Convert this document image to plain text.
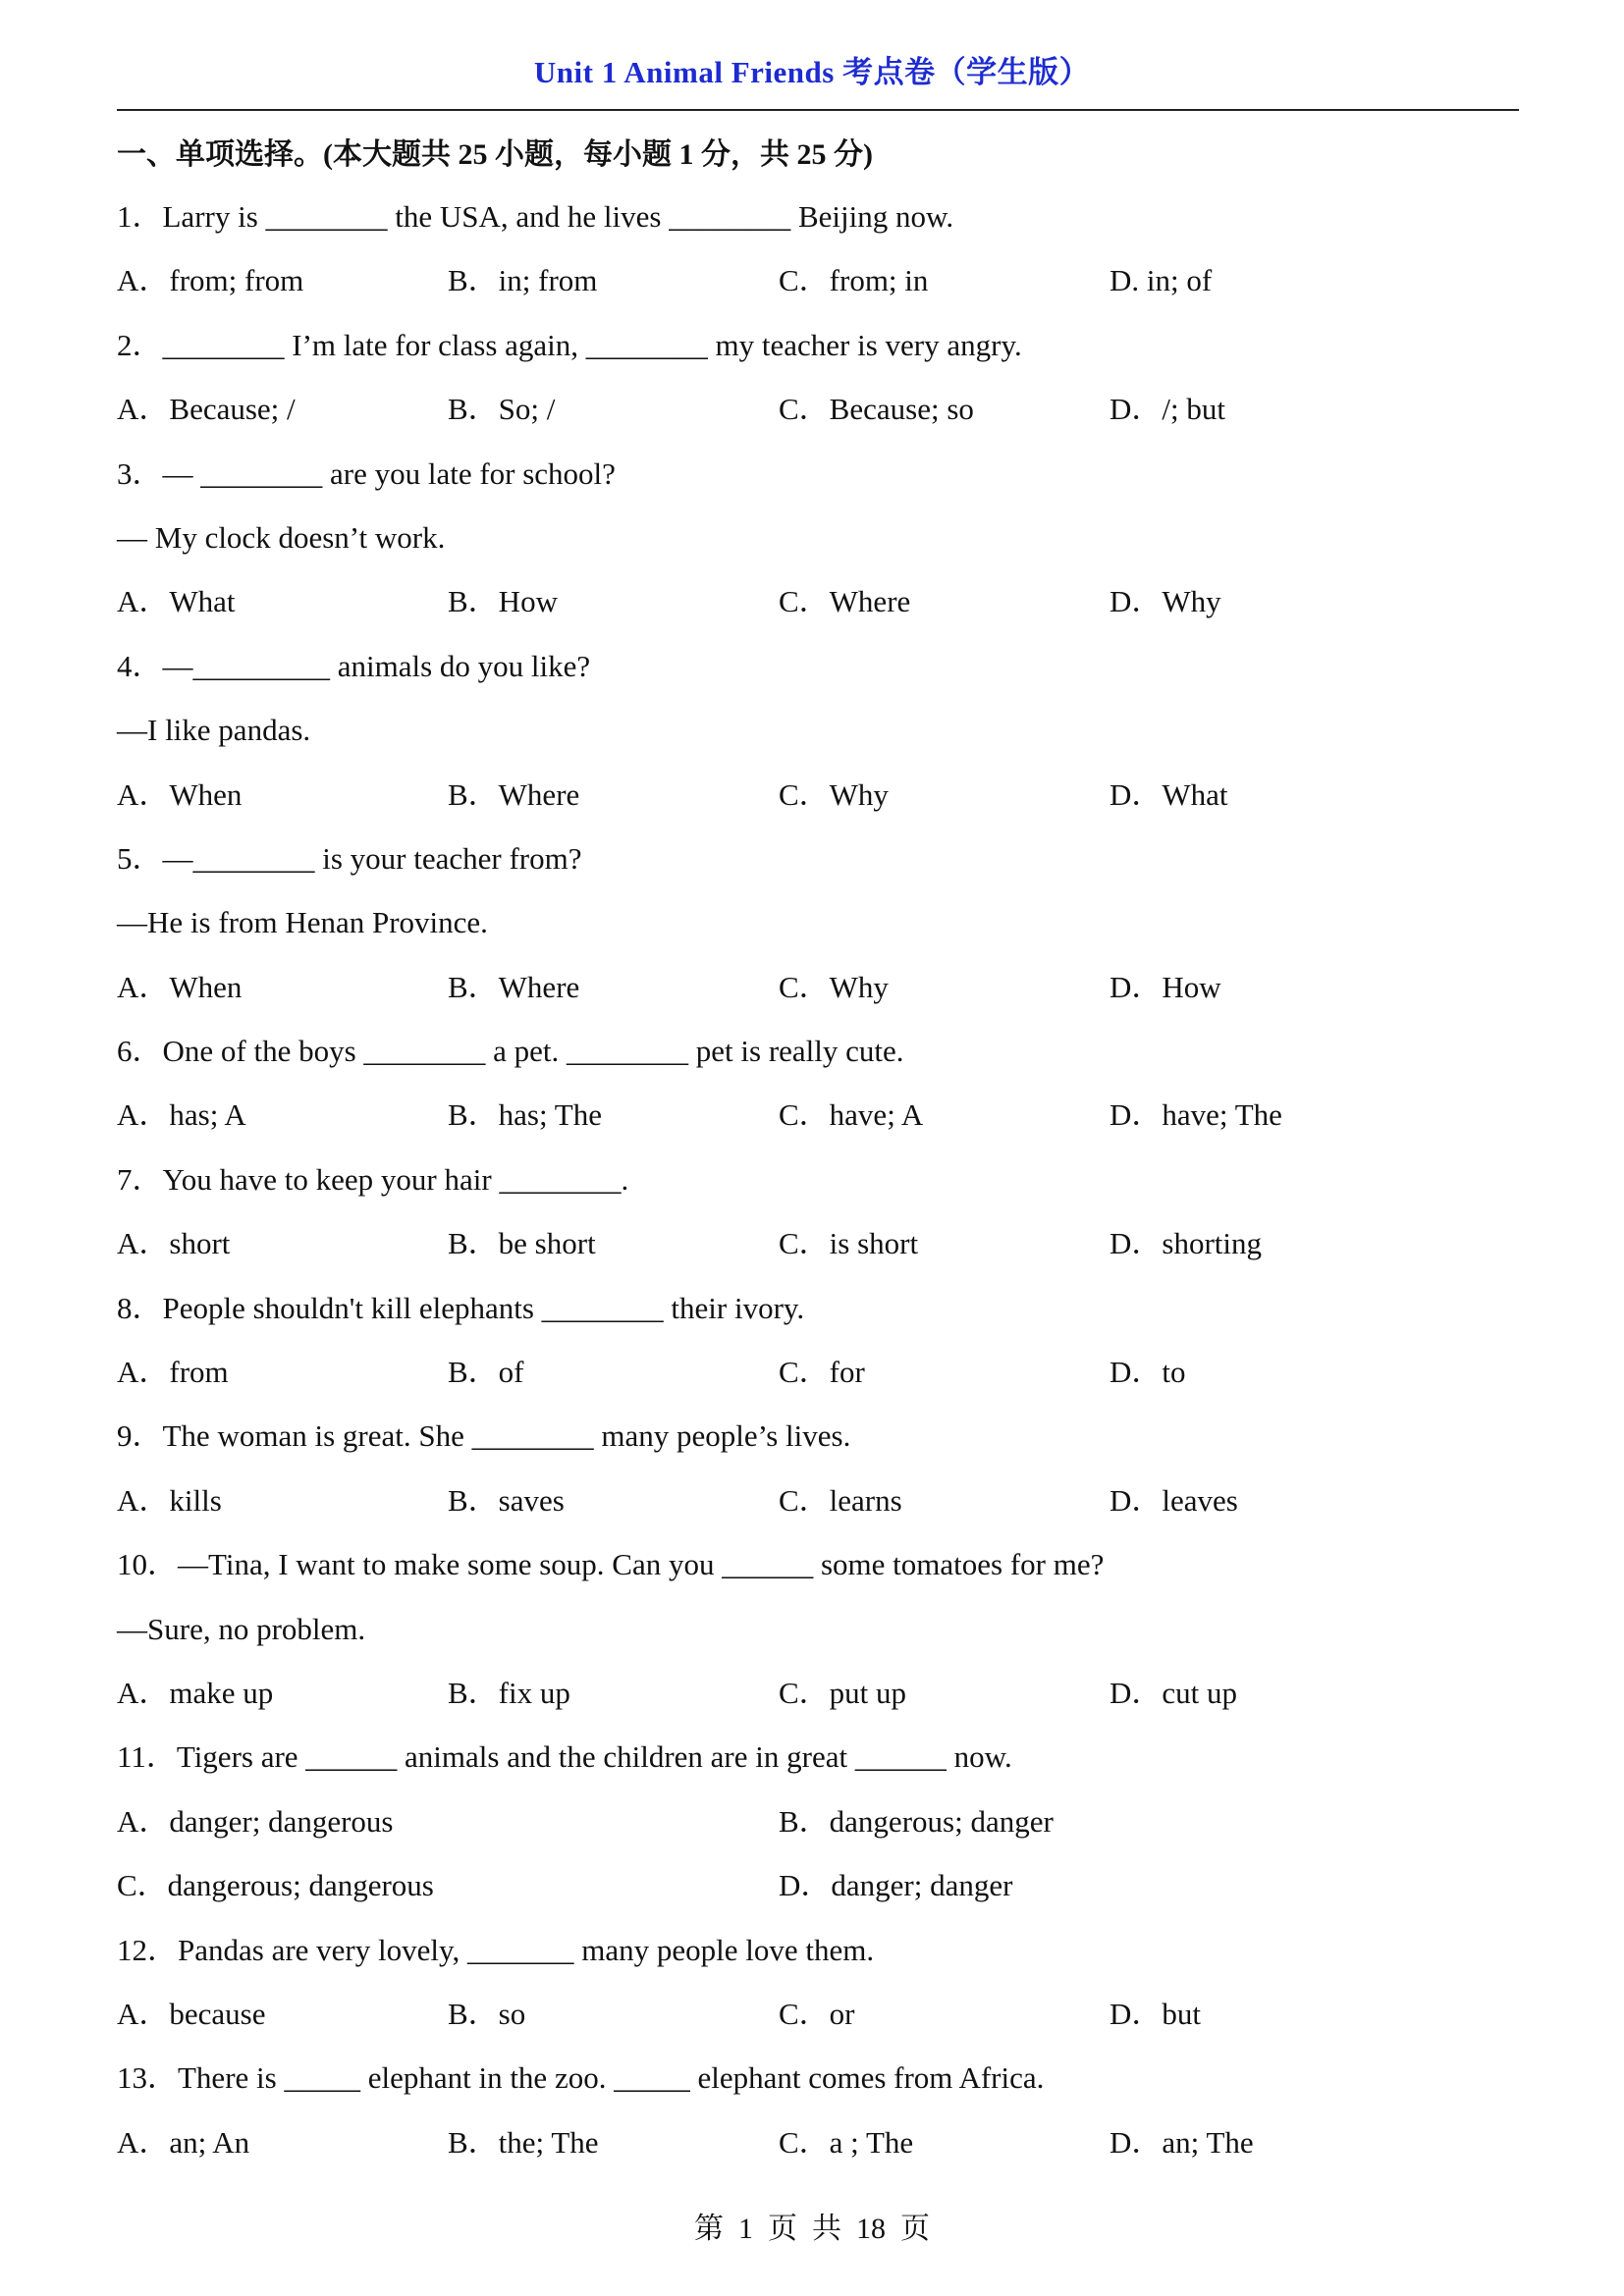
Unit 1 Animal Friends 考点卷（学生版）
一、单项选择。(本大题共 25 小题，每小题 1 分，共 25 分)
1．Larry is ________ the USA, and he lives ________ Beijing now.
A．from; from	B．in; from	C．from; in	D. in; of
2．________ I’m late for class again, ________ my teacher is very angry.
A．Because; /	B．So; /	C．Because; so	D．/; but
3．— ________ are you late for school?
— My clock doesn’t work.
A．What	B．How	C．Where	D．Why
4．—_________ animals do you like?
—I like pandas.
A．When	B．Where	C．Why	D．What
5．—________ is your teacher from?
—He is from Henan Province.
A．When	B．Where	C．Why	D．How
6．One of the boys ________ a pet. ________ pet is really cute.
A．has; A	B．has; The	C．have; A	D．have; The
7．You have to keep your hair ________.
A．short	B．be short	C．is short	D．shorting
8．People shouldn't kill elephants ________ their ivory.
A．from	B．of	C．for	D．to
9．The woman is great. She ________ many people’s lives.
A．kills	B．saves	C．learns	D．leaves
10．—Tina, I want to make some soup. Can you ______ some tomatoes for me?
—Sure, no problem.
A．make up	B．fix up	C．put up	D．cut up
11．Tigers are ______ animals and the children are in great ______ now.
A．danger; dangerous	B．dangerous; danger
C．dangerous; dangerous	D．danger; danger
12．Pandas are very lovely, _______ many people love them.
A．because	B．so	C．or	D．but
13．There is _____ elephant in the zoo. _____ elephant comes from Africa.
A．an; An	B．the; The	C．a ; The	D．an; The
第  1  页  共  18  页
